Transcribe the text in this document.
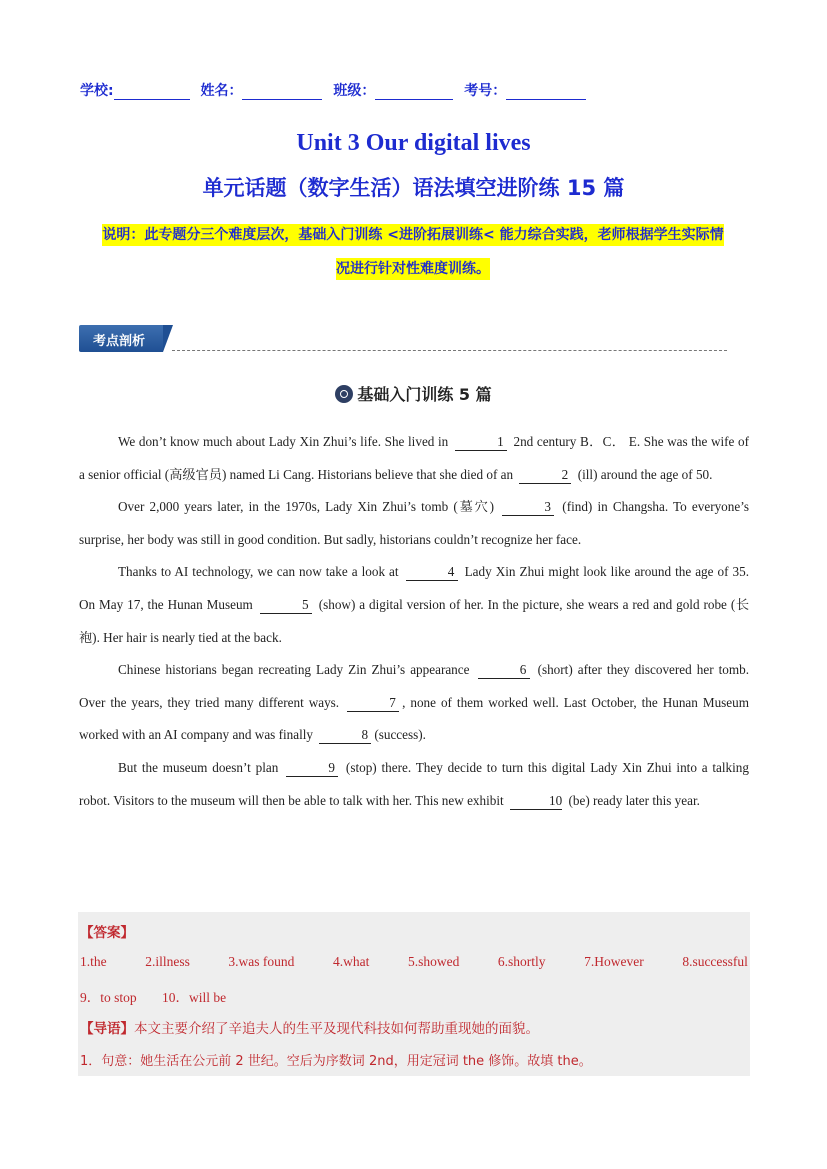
学校:	姓名：	班级：	考号：
Unit 3 Our digital lives
单元话题（数字生活）语法填空进阶练 15 篇
说明：此专题分三个难度层次，基础入门训练 <进阶拓展训练< 能力综合实践，老师根据学生实际情
况进行针对性难度训练。
考点剖析
基础入门训练 5 篇

We don’t know much about Lady Xin Zhui’s life. She lived in	1 2nd century B．C． E. She was the wife of a senior official (高级官员) named Li Cang. Historians believe that she died of an	2 (ill) around the age of 50.

Over 2,000 years later, in the 1970s, Lady Xin Zhui’s tomb (墓穴)	3 (find) in Changsha. To everyone’s surprise, her body was still in good condition. But sadly, historians couldn’t recognize her face.

Thanks to AI technology, we can now take a look at	4 Lady Xin Zhui might look like around the age of 35. On May 17, the Hunan Museum	5 (show) a digital version of her. In the picture, she wears a red and gold robe (长袍). Her hair is nearly tied at the back.

Chinese historians began recreating Lady Zin Zhui’s appearance	6 (short) after they discovered her tomb. Over the years, they tried many different ways.	7 , none of them worked well. Last October, the Hunan Museum worked with an AI company and was finally	8 (success).

But the museum doesn’t plan	9 (stop) there. They decide to turn this digital Lady Xin Zhui into a talking robot. Visitors to the museum will then be able to talk with her. This new exhibit	10 (be) ready later this year.

【答案】
1.the	2.illness	3.was found	4.what	5.showed	6.shortly	7.However	8.successful
9．to stop 10．will be
【导语】本文主要介绍了辛追夫人的生平及现代科技如何帮助重现她的面貌。
1．句意：她生活在公元前 2 世纪。空后为序数词 2nd，用定冠词 the 修饰。故填 the。
